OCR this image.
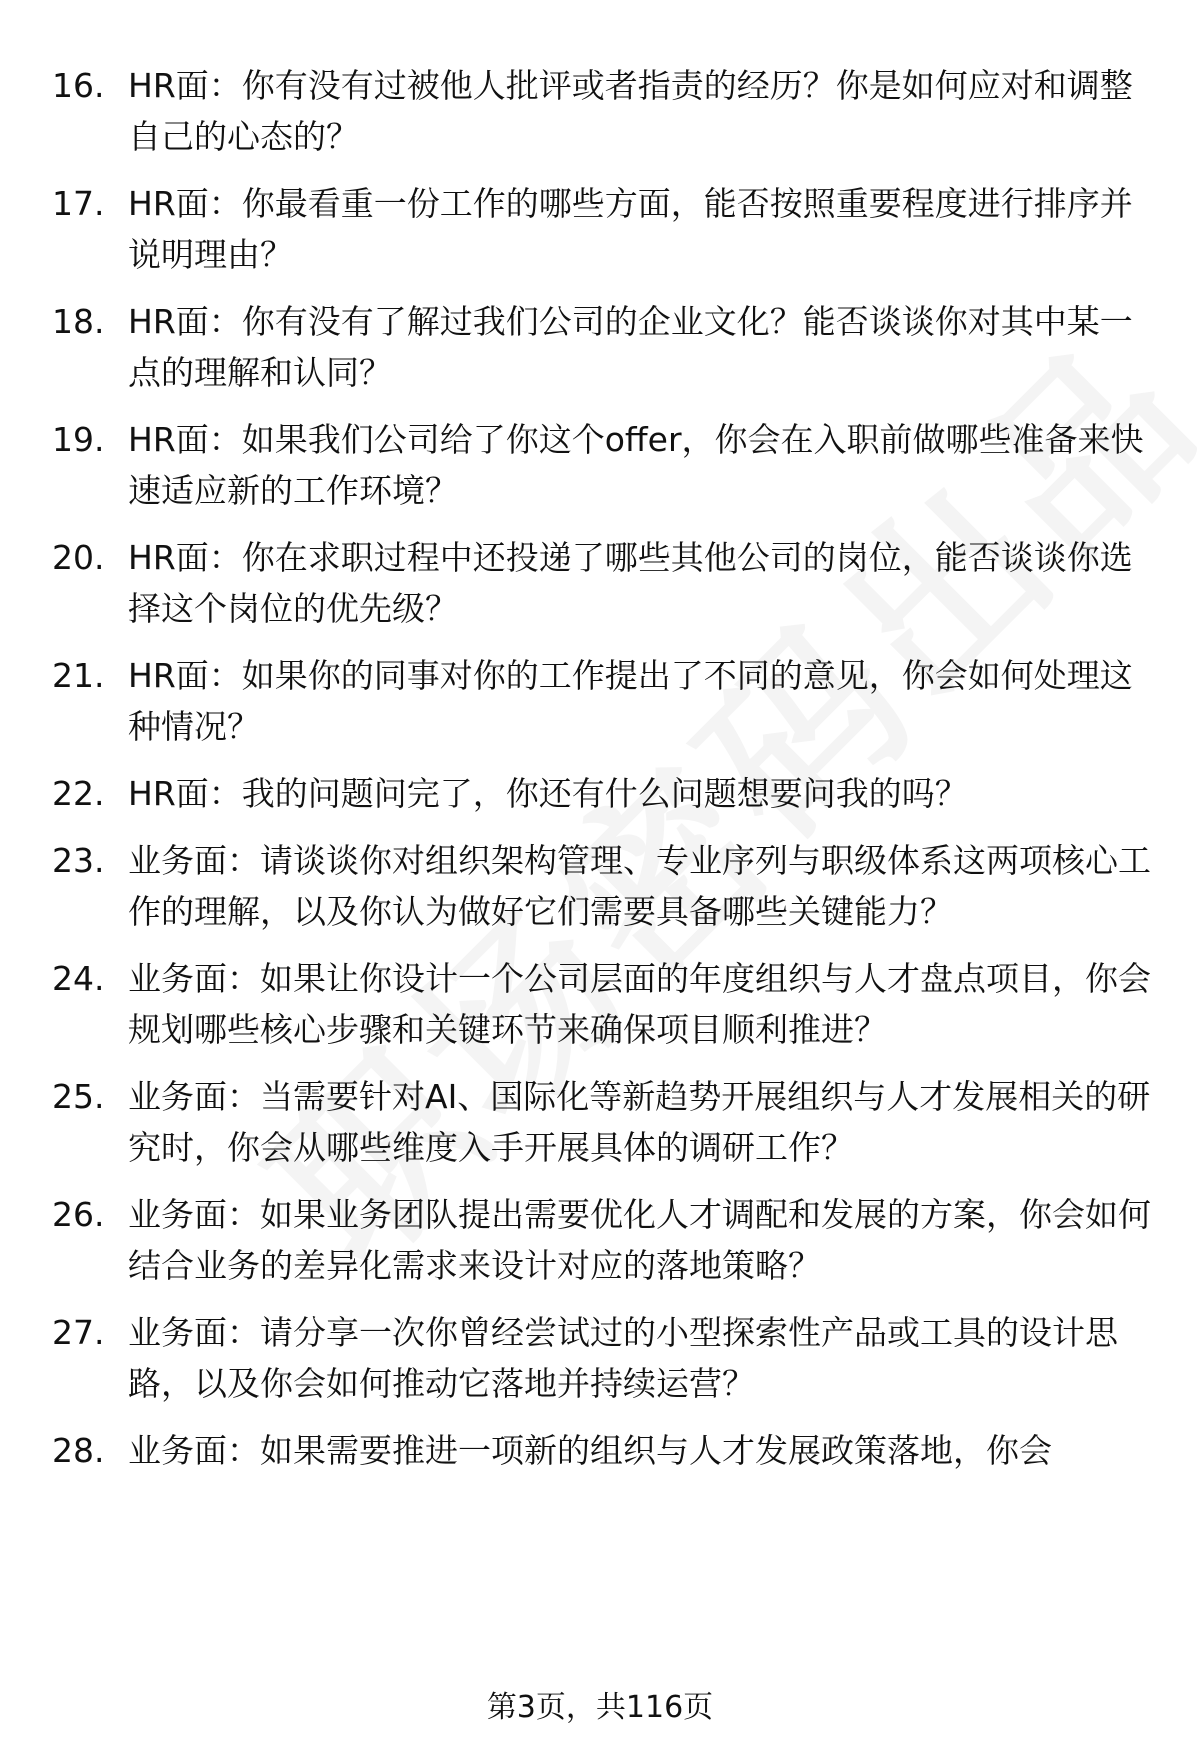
16. HR面：你有没有过被他人批评或者指责的经历？你是如何应对和调整自己的心态的？
17. HR面：你最看重一份工作的哪些方面，能否按照重要程度进行排序并说明理由？
18. HR面：你有没有了解过我们公司的企业文化？能否谈谈你对其中某一点的理解和认同？
19. HR面：如果我们公司给了你这个offer，你会在入职前做哪些准备来快速适应新的工作环境？
20. HR面：你在求职过程中还投递了哪些其他公司的岗位，能否谈谈你选择这个岗位的优先级？
21. HR面：如果你的同事对你的工作提出了不同的意见，你会如何处理这种情况？
22. HR面：我的问题问完了，你还有什么问题想要问我的吗？
23. 业务面：请谈谈你对组织架构管理、专业序列与职级体系这两项核心工作的理解，以及你认为做好它们需要具备哪些关键能力？
24. 业务面：如果让你设计一个公司层面的年度组织与人才盘点项目，你会规划哪些核心步骤和关键环节来确保项目顺利推进？
25. 业务面：当需要针对AI、国际化等新趋势开展组织与人才发展相关的研究时，你会从哪些维度入手开展具体的调研工作？
26. 业务面：如果业务团队提出需要优化人才调配和发展的方案，你会如何结合业务的差异化需求来设计对应的落地策略？
27. 业务面：请分享一次你曾经尝试过的小型探索性产品或工具的设计思路，以及你会如何推动它落地并持续运营？
28. 业务面：如果需要推进一项新的组织与人才发展政策落地，你会
第3页，共116页
